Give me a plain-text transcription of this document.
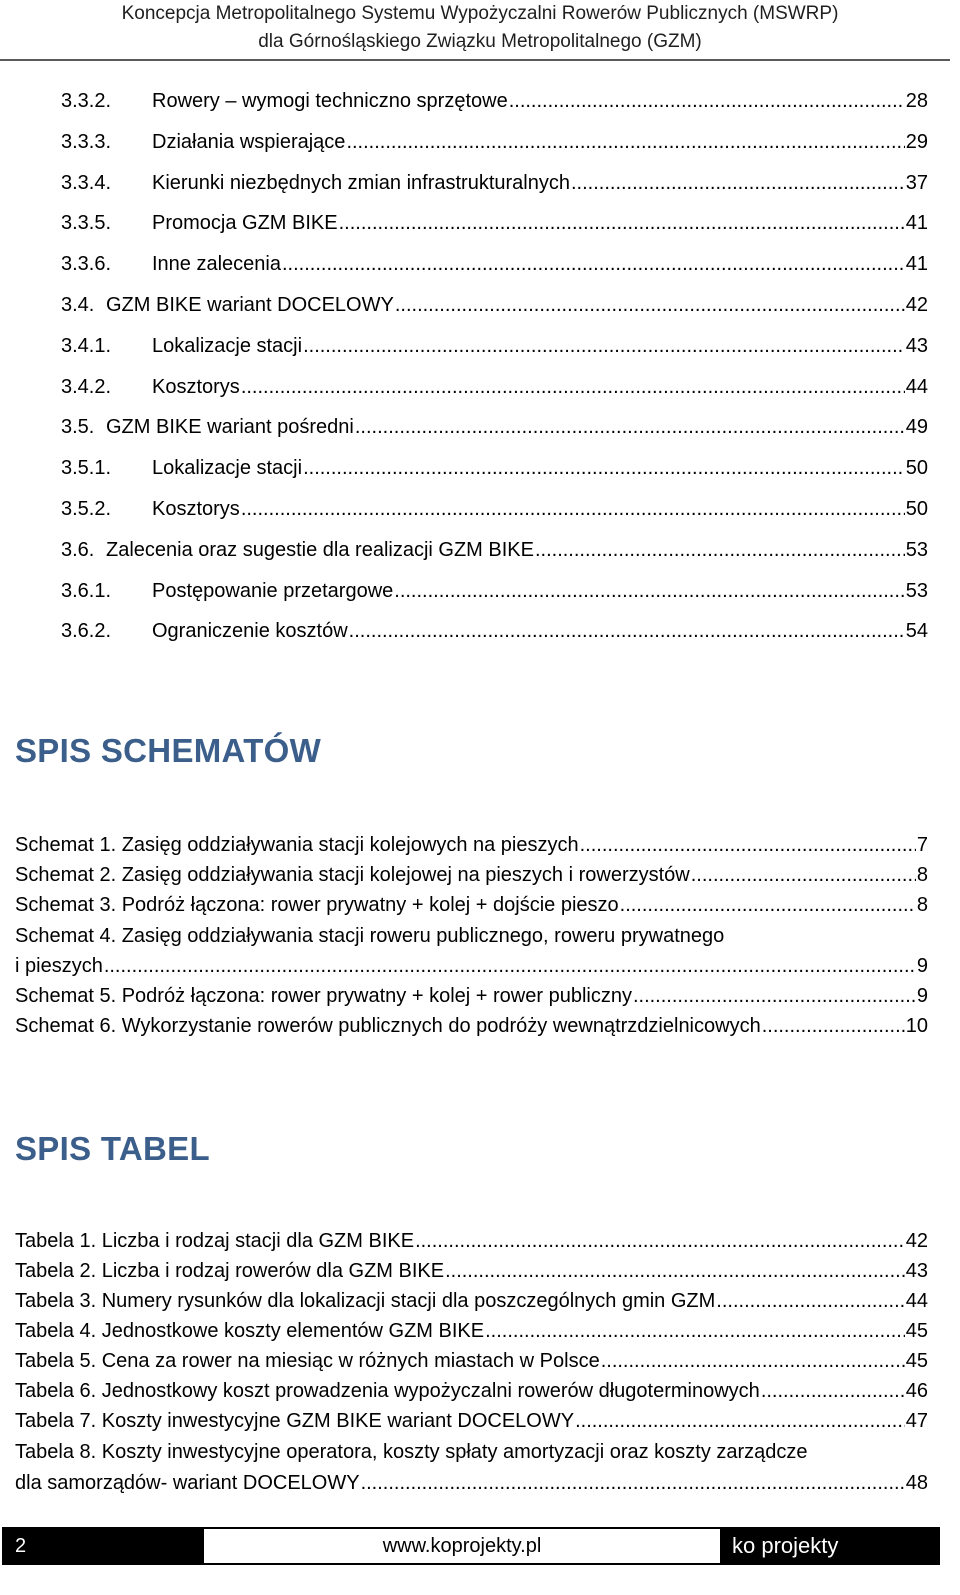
Koncepcja Metropolitalnego Systemu Wypożyczalni Rowerów Publicznych (MSWRP)
dla Górnośląskiego Związku Metropolitalnego (GZM)
3.3.2.	Rowery – wymogi techniczno sprzętowe .....	28
3.3.3.	Działania wspierające .....	29
3.3.4.	Kierunki niezbędnych zmian infrastrukturalnych .....	37
3.3.5.	Promocja GZM BIKE .....	41
3.3.6.	Inne zalecenia .....	41
3.4. GZM BIKE wariant DOCELOWY .....	42
3.4.1.	Lokalizacje stacji .....	43
3.4.2.	Kosztorys .....	44
3.5. GZM BIKE wariant pośredni .....	49
3.5.1.	Lokalizacje stacji .....	50
3.5.2.	Kosztorys .....	50
3.6. Zalecenia oraz sugestie dla realizacji GZM BIKE .....	53
3.6.1.	Postępowanie przetargowe .....	53
3.6.2.	Ograniczenie kosztów .....	54
SPIS SCHEMATÓW
Schemat 1. Zasięg oddziaływania stacji kolejowych na pieszych .....	7
Schemat 2. Zasięg oddziaływania stacji kolejowej na pieszych i rowerzystów .....	8
Schemat 3. Podróż łączona: rower prywatny + kolej + dojście pieszo .....	8
Schemat 4. Zasięg oddziaływania stacji roweru publicznego, roweru prywatnego
i pieszych .....	9
Schemat 5. Podróż łączona: rower prywatny + kolej + rower publiczny .....	9
Schemat 6. Wykorzystanie rowerów publicznych do podróży wewnątrzdzielnicowych .....	10
SPIS TABEL
Tabela 1. Liczba i rodzaj stacji dla GZM BIKE .....	42
Tabela 2. Liczba i rodzaj rowerów dla GZM BIKE .....	43
Tabela 3. Numery rysunków dla lokalizacji stacji dla poszczególnych gmin GZM .....	44
Tabela 4. Jednostkowe koszty elementów GZM BIKE .....	45
Tabela 5. Cena za rower na miesiąc w różnych miastach w Polsce .....	45
Tabela 6. Jednostkowy koszt prowadzenia wypożyczalni rowerów długoterminowych .....	46
Tabela 7. Koszty inwestycyjne GZM BIKE wariant DOCELOWY .....	47
Tabela 8. Koszty inwestycyjne operatora, koszty spłaty amortyzacji oraz koszty zarządcze
dla samorządów- wariant DOCELOWY .....	48
2	www.koprojekty.pl	ko projekty
